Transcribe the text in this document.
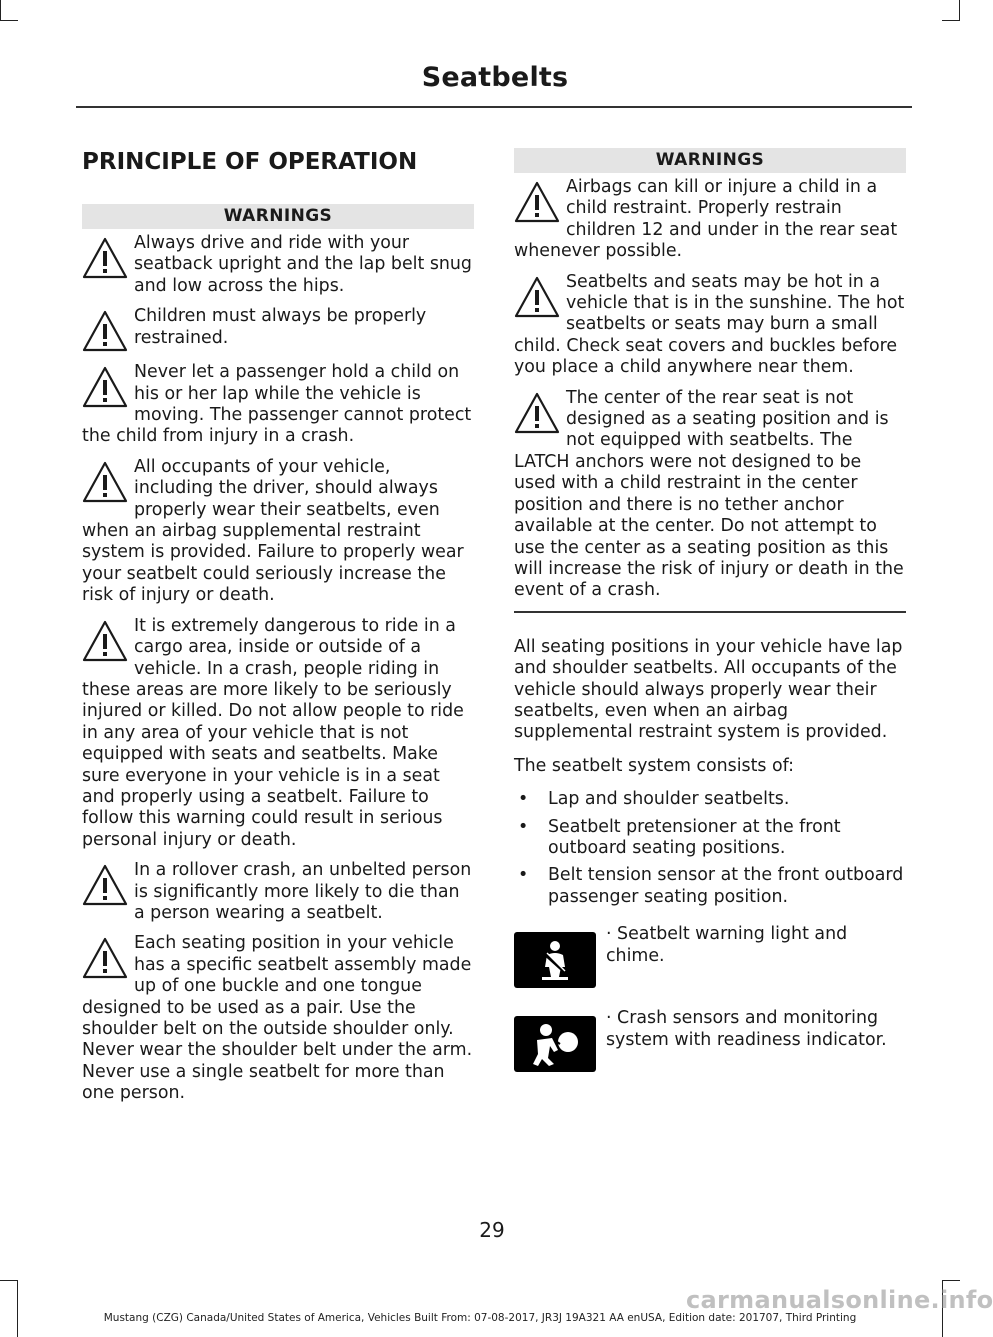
Seatbelts
PRINCIPLE OF OPERATION
WARNINGS
Always drive and ride with your seatback upright and the lap belt snug and low across the hips.
Children must always be properly restrained.
Never let a passenger hold a child on his or her lap while the vehicle is moving. The passenger cannot protect the child from injury in a crash.
All occupants of your vehicle, including the driver, should always properly wear their seatbelts, even when an airbag supplemental restraint system is provided. Failure to properly wear your seatbelt could seriously increase the risk of injury or death.
It is extremely dangerous to ride in a cargo area, inside or outside of a vehicle. In a crash, people riding in these areas are more likely to be seriously injured or killed. Do not allow people to ride in any area of your vehicle that is not equipped with seats and seatbelts. Make sure everyone in your vehicle is in a seat and properly using a seatbelt. Failure to follow this warning could result in serious personal injury or death.
In a rollover crash, an unbelted person is significantly more likely to die than a person wearing a seatbelt.
Each seating position in your vehicle has a specific seatbelt assembly made up of one buckle and one tongue designed to be used as a pair. Use the shoulder belt on the outside shoulder only. Never wear the shoulder belt under the arm. Never use a single seatbelt for more than one person.
WARNINGS
Airbags can kill or injure a child in a child restraint. Properly restrain children 12 and under in the rear seat whenever possible.
Seatbelts and seats may be hot in a vehicle that is in the sunshine. The hot seatbelts or seats may burn a small child. Check seat covers and buckles before you place a child anywhere near them.
The center of the rear seat is not designed as a seating position and is not equipped with seatbelts. The LATCH anchors were not designed to be used with a child restraint in the center position and there is no tether anchor available at the center. Do not attempt to use the center as a seating position as this will increase the risk of injury or death in the event of a crash.

All seating positions in your vehicle have lap and shoulder seatbelts. All occupants of the vehicle should always properly wear their seatbelts, even when an airbag supplemental restraint system is provided.

The seatbelt system consists of:

• Lap and shoulder seatbelts.
• Seatbelt pretensioner at the front outboard seating positions.
• Belt tension sensor at the front outboard passenger seating position.
· Seatbelt warning light and chime.
· Crash sensors and monitoring system with readiness indicator.
29
carmanualsonline.info
Mustang (CZG) Canada/United States of America, Vehicles Built From: 07-08-2017, JR3J 19A321 AA enUSA, Edition date: 201707, Third Printing
